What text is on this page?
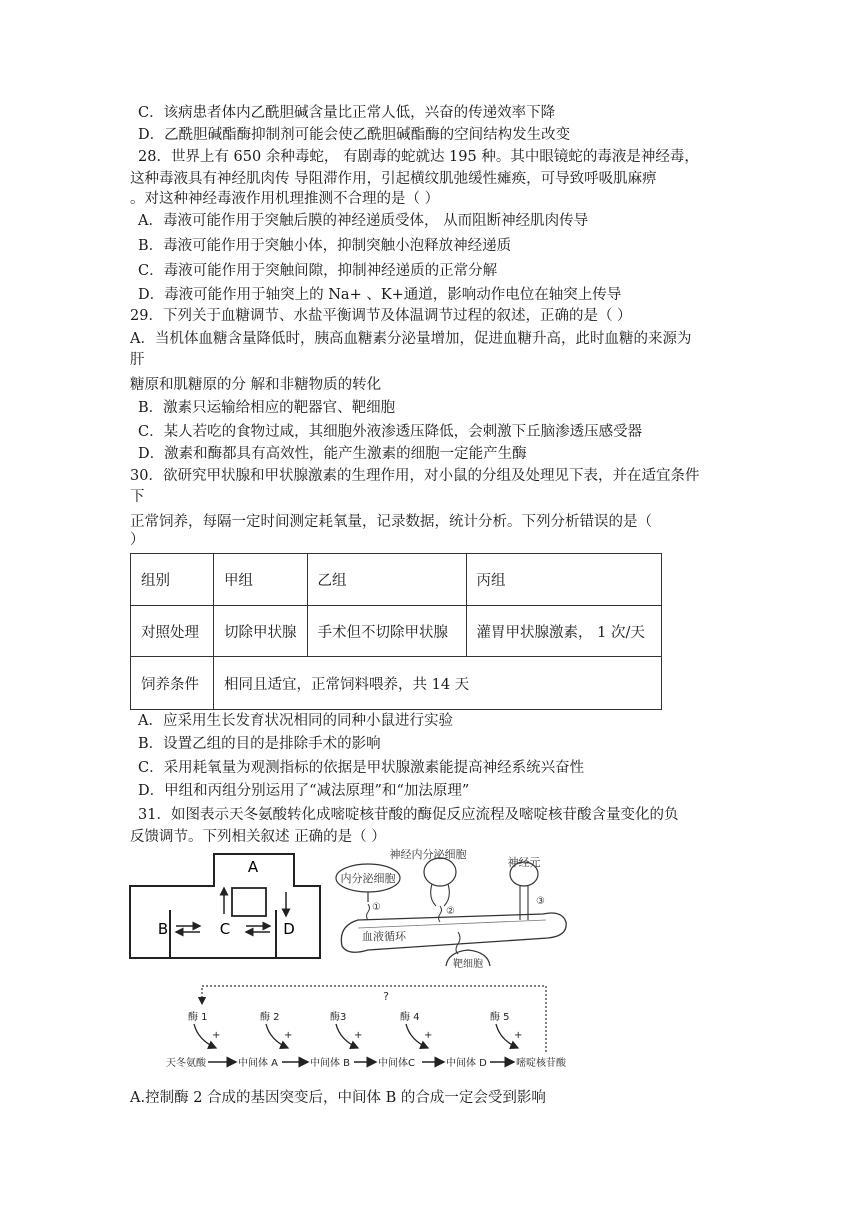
C．该病患者体内乙酰胆碱含量比正常人低，兴奋的传递效率下降
D．乙酰胆碱酯酶抑制剂可能会使乙酰胆碱酯酶的空间结构发生改变
28．世界上有 650 余种毒蛇， 有剧毒的蛇就达 195 种。其中眼镜蛇的毒液是神经毒，
这种毒液具有神经肌肉传 导阻滞作用，引起横纹肌弛缓性瘫痪，可导致呼吸肌麻痹
。对这种神经毒液作用机理推测不合理的是（ ）
A．毒液可能作用于突触后膜的神经递质受体， 从而阻断神经肌肉传导
B．毒液可能作用于突触小体，抑制突触小泡释放神经递质
C．毒液可能作用于突触间隙，抑制神经递质的正常分解
D．毒液可能作用于轴突上的 Na+ 、K+通道，影响动作电位在轴突上传导
29．下列关于血糖调节、水盐平衡调节及体温调节过程的叙述，正确的是（ ）
A．当机体血糖含量降低时，胰高血糖素分泌量增加，促进血糖升高，此时血糖的来源为
肝
糖原和肌糖原的分 解和非糖物质的转化
B．激素只运输给相应的靶器官、靶细胞
C．某人若吃的食物过咸，其细胞外液渗透压降低，会刺激下丘脑渗透压感受器
D．激素和酶都具有高效性，能产生激素的细胞一定能产生酶
30．欲研究甲状腺和甲状腺激素的生理作用，对小鼠的分组及处理见下表，并在适宜条件
下
正常饲养，每隔一定时间测定耗氧量，记录数据，统计分析。下列分析错误的是（
）
组别	甲组	乙组	丙组
对照处理	切除甲状腺	手术但不切除甲状腺	灌胃甲状腺激素， 1 次/天
饲养条件	相同且适宜，正常饲料喂养，共 14 天		
A．应采用生长发育状况相同的同种小鼠进行实验
B．设置乙组的目的是排除手术的影响
C．采用耗氧量为观测指标的依据是甲状腺激素能提高神经系统兴奋性
D．甲组和丙组分别运用了“减法原理”和“加法原理”
31．如图表示天冬氨酸转化成嘧啶核苷酸的酶促反应流程及嘧啶核苷酸含量变化的负
反馈调节。下列相关叙述 正确的是（ ）
A
B	C	D
神经内分泌细胞
内分泌细胞
①	②
神经元
③
血液循环
靶细胞
?
酶 1
+
酶 2
+
酶3
+
酶 4
+
酶 5
+
天冬氨酸	中间体 A	中间体 B	中间体C	中间体 D	嘧啶核苷酸
A.控制酶 2 合成的基因突变后，中间体 B 的合成一定会受到影响
